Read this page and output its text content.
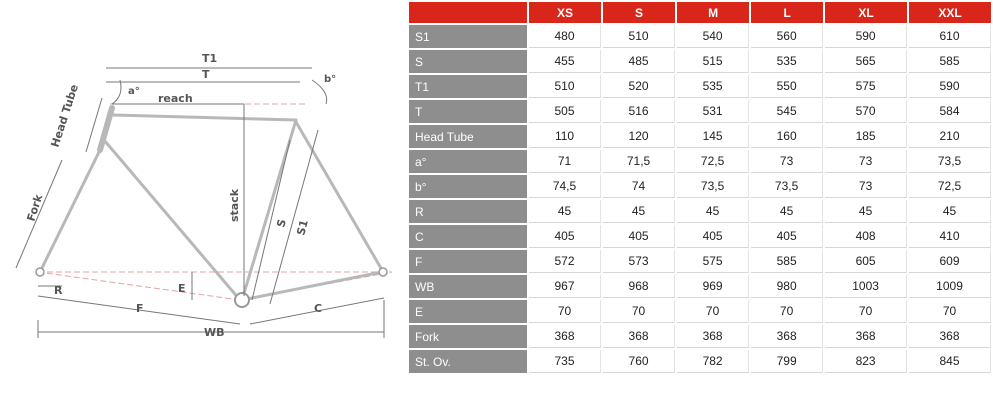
T1
T
a°
b°
reach
Head Tube
Fork	stack
S S1
R	E
F	C
WB
	XS	S	M	L	XL	XXL
S1	480	510	540	560	590	610
S	455	485	515	535	565	585
T1	510	520	535	550	575	590
T	505	516	531	545	570	584
Head Tube	110	120	145	160	185	210
a°	71	71,5	72,5	73	73	73,5
b°	74,5	74	73,5	73,5	73	72,5
R	45	45	45	45	45	45
C	405	405	405	405	408	410
F	572	573	575	585	605	609
WB	967	968	969	980	1003	1009
E	70	70	70	70	70	70
Fork	368	368	368	368	368	368
St. Ov.	735	760	782	799	823	845
